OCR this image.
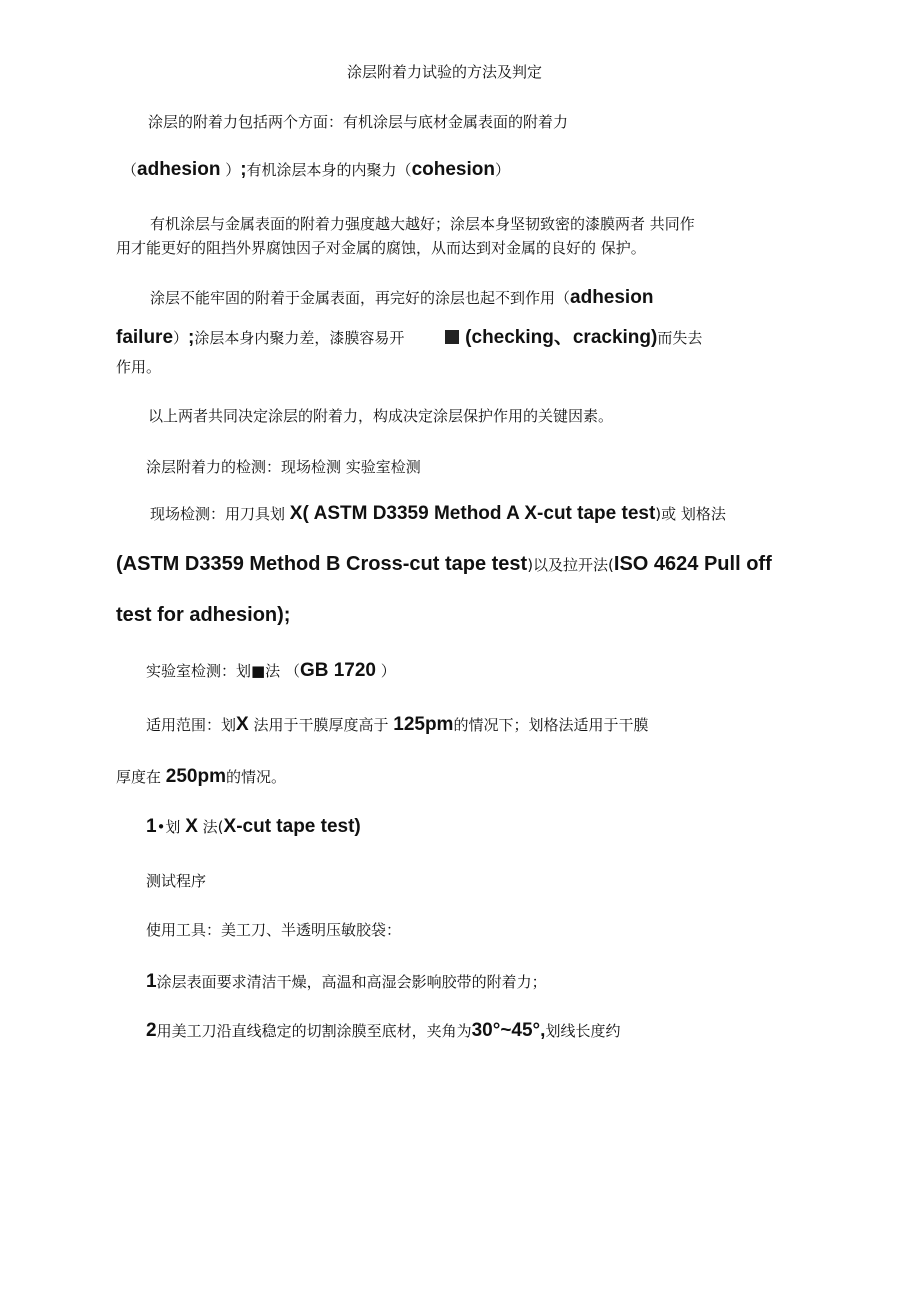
涂层附着力试验的方法及判定
涂层的附着力包括两个方面：有机涂层与底材金属表面的附着力
（adhesion ）;有机涂层本身的内聚力（cohesion）
有机涂层与金属表面的附着力强度越大越好；涂层本身坚韧致密的漆膜两者 共同作
用才能更好的阻挡外界腐蚀因子对金属的腐蚀，从而达到对金属的良好的 保护。
涂层不能牢固的附着于金属表面，再完好的涂层也起不到作用（adhesion
failure）;涂层本身内聚力差，漆膜容易开	(checking、cracking)而失去
作用。
以上两者共同决定涂层的附着力，构成决定涂层保护作用的关键因素。
涂层附着力的检测：现场检测 实验室检测
现场检测：用刀具划 X( ASTM D3359 Method A X-cut tape test)或 划格法
(ASTM D3359 Method B Cross-cut tape test)以及拉开法(ISO 4624 Pull off
test for adhesion);
实验室检测：划■法 （GB 1720 ）
适用范围：划X 法用于干膜厚度高于 125pm的情况下；划格法适用于干膜
厚度在 250pm的情况。
1•划 X 法(X-cut tape test)
测试程序
使用工具：美工刀、半透明压敏胶袋：
1涂层表面要求清洁干燥，高温和高湿会影响胶带的附着力；
2用美工刀沿直线稳定的切割涂膜至底材，夹角为30°~45°,划线长度约
